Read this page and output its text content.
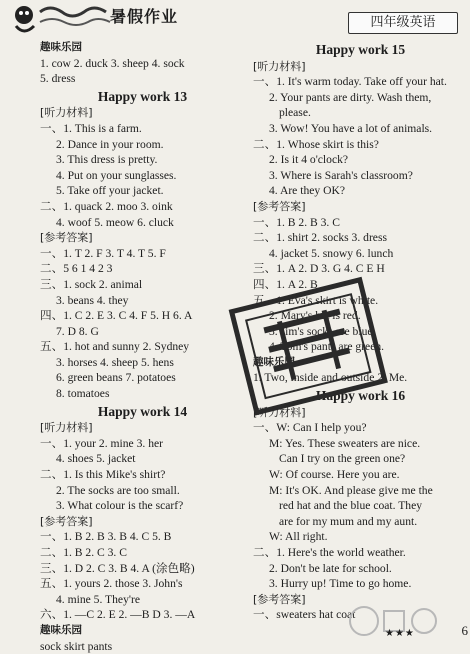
暑假作业	四年级英语
趣味乐园
1. cow 2. duck 3. sheep 4. sock
5. dress
Happy work 13
[听力材料]
一、1. This is a farm.
2. Dance in your room.
3. This dress is pretty.
4. Put on your sunglasses.
5. Take off your jacket.
二、1. quack 2. moo 3. oink
4. woof 5. meow 6. cluck
[参考答案]
一、1. T 2. F 3. T 4. T 5. F
二、5 6 1 4 2 3
三、1. sock 2. animal
3. beans 4. they
四、1. C 2. E 3. C 4. F 5. H 6. A
7. D 8. G
五、1. hot and sunny 2. Sydney
3. horses 4. sheep 5. hens
6. green beans 7. potatoes
8. tomatoes
Happy work 14
[听力材料]
一、1. your 2. mine 3. her
4. shoes 5. jacket
二、1. Is this Mike's shirt?
2. The socks are too small.
3. What colour is the scarf?
[参考答案]
一、1. B 2. B 3. B 4. C 5. B
二、1. B 2. C 3. C
三、1. D 2. C 3. B 4. A (涂色略)
五、1. yours 2. those 3. John's
4. mine 5. They're
六、1. —C 2. E 2. —B D 3. —A
趣味乐园
sock skirt pants
Happy work 15
[听力材料]
一、1. It's warm today. Take off your hat.
2. Your pants are dirty. Wash them,
please.
3. Wow! You have a lot of animals.
二、1. Whose skirt is this?
2. Is it 4 o'clock?
3. Where is Sarah's classroom?
4. Are they OK?
[参考答案]
一、1. B 2. B 3. C
二、1. shirt 2. socks 3. dress
4. jacket 5. snowy 6. lunch
三、1. A 2. D 3. G 4. C E H
四、1. A 2. B
五、1. Eva's skirt is white.
2. Mary's hat is red.
3. Jim's socks are blue.
4. Tom's pants are green.
趣味乐园
1. Two, inside and outside 2. Me.
Happy work 16
[听力材料]
一、W: Can I help you?
M: Yes. These sweaters are nice.
Can I try on the green one?
W: Of course. Here you are.
M: It's OK. And please give me the
red hat and the blue coat. They
are for my mum and my aunt.
W: All right.
二、1. Here's the world weather.
2. Don't be late for school.
3. Hurry up! Time to go home.
[参考答案]
一、sweaters hat coat
★★★	6
